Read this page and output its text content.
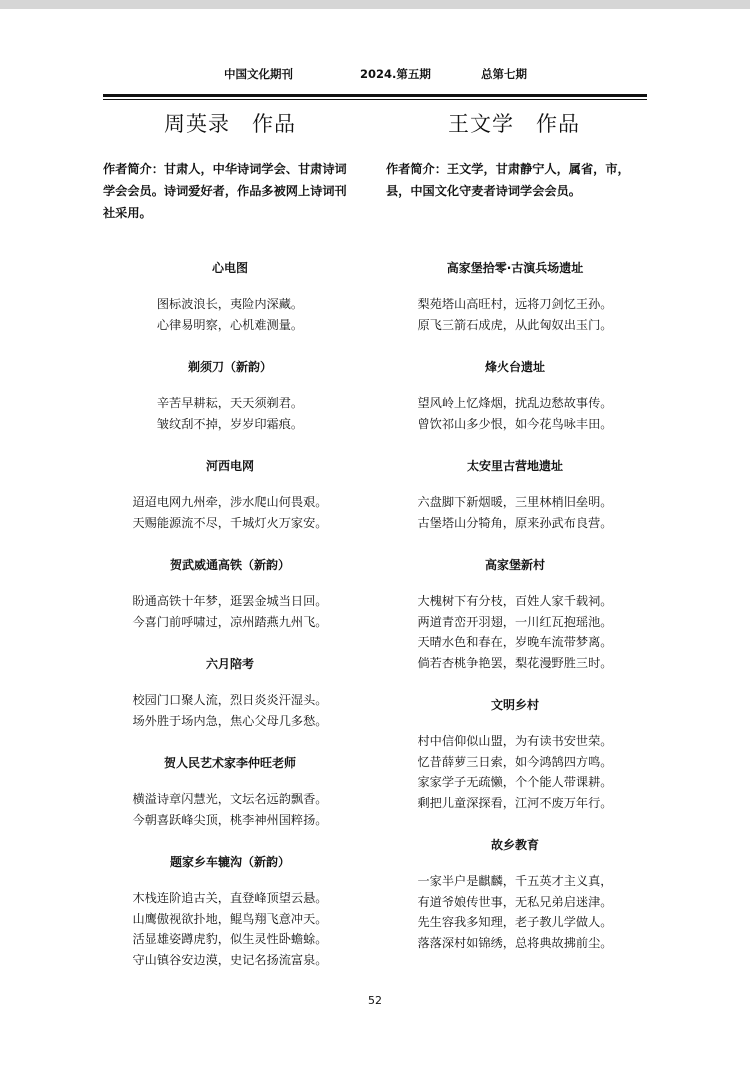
中国文化期刊	2024.第五期	总第七期
周英录　作品	王文学　作品
作者简介：甘肃人，中华诗词学会、甘肃诗词
学会会员。诗词爱好者，作品多被网上诗词刊
社采用。
作者简介：王文学，甘肃静宁人，属省，市，
县，中国文化守麦者诗词学会会员。
心电图
图标波浪长，夷险内深藏。
心律易明察，心机难测量。
剃须刀（新韵）
辛苦早耕耘，天天须剃君。
皱纹刮不掉，岁岁印霜痕。
河西电网
迢迢电网九州牵，涉水爬山何畏艰。
天赐能源流不尽，千城灯火万家安。
贺武威通高铁（新韵）
盼通高铁十年梦，逛罢金城当日回。
今喜门前呼啸过，凉州踏燕九州飞。
六月陪考
校园门口聚人流，烈日炎炎汗湿头。
场外胜于场内急，焦心父母几多愁。
贺人民艺术家李仲旺老师
横溢诗章闪慧光，文坛名远韵飘香。
今朝喜跃峰尖顶，桃李神州国粹扬。
题家乡车辘沟（新韵）
木栈连阶追古关，直登峰顶望云悬。
山鹰傲视欲扑地，鲲鸟翔飞意冲天。
活显雄姿蹲虎豹，似生灵性卧蟾蜍。
守山镇谷安边漠，史记名扬流富泉。
高家堡拾零·古演兵场遗址
梨苑塔山高旺村，远将刀剑忆王孙。
原飞三箭石成虎，从此匈奴出玉门。
烽火台遗址
望风岭上忆烽烟，扰乱边愁故事传。
曾饮祁山多少恨，如今花鸟咏丰田。
太安里古营地遗址
六盘脚下新烟暖，三里林梢旧垒明。
古堡塔山分犄角，原来孙武布良营。
高家堡新村
大槐树下有分枝，百姓人家千载祠。
两道青峦开羽翅，一川红瓦抱瑶池。
天晴水色和春在，岁晚车流带梦离。
倘若杏桃争艳罢，梨花漫野胜三时。
文明乡村
村中信仰似山盟，为有读书安世荣。
忆昔薛萝三日索，如今鸿鹄四方鸣。
家家学子无疏懒，个个能人带课耕。
剩把儿童深探看，江河不废万年行。
故乡教育
一家半户是麒麟，千五英才主义真，
有道爷娘传世事，无私兄弟启迷津。
先生容我多知理，老子教儿学做人。
落落深村如锦绣，总将典故拂前尘。
52
